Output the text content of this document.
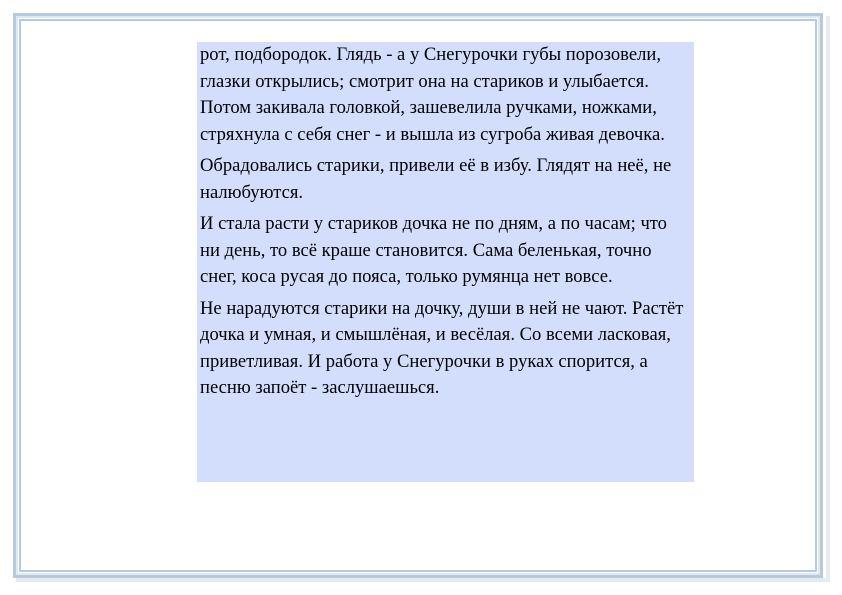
рот, подбородок. Глядь - а у Снегурочки губы порозовели, глазки открылись; смотрит она на стариков и улыбается. Потом закивала головкой, зашевелила ручками, ножками, стряхнула с себя снег - и вышла из сугроба живая девочка.

Обрадовались старики, привели её в избу. Глядят на неё, не налюбуются.

И стала расти у стариков дочка не по дням, а по часам; что ни день, то всё краше становится. Сама беленькая, точно снег, коса русая до пояса, только румянца нет вовсе.

Не нарадуются старики на дочку, души в ней не чают. Растёт дочка и умная, и смышлёная, и весёлая. Со всеми ласковая, приветливая. И работа у Снегурочки в руках спорится, а песню запоёт - заслушаешься.
